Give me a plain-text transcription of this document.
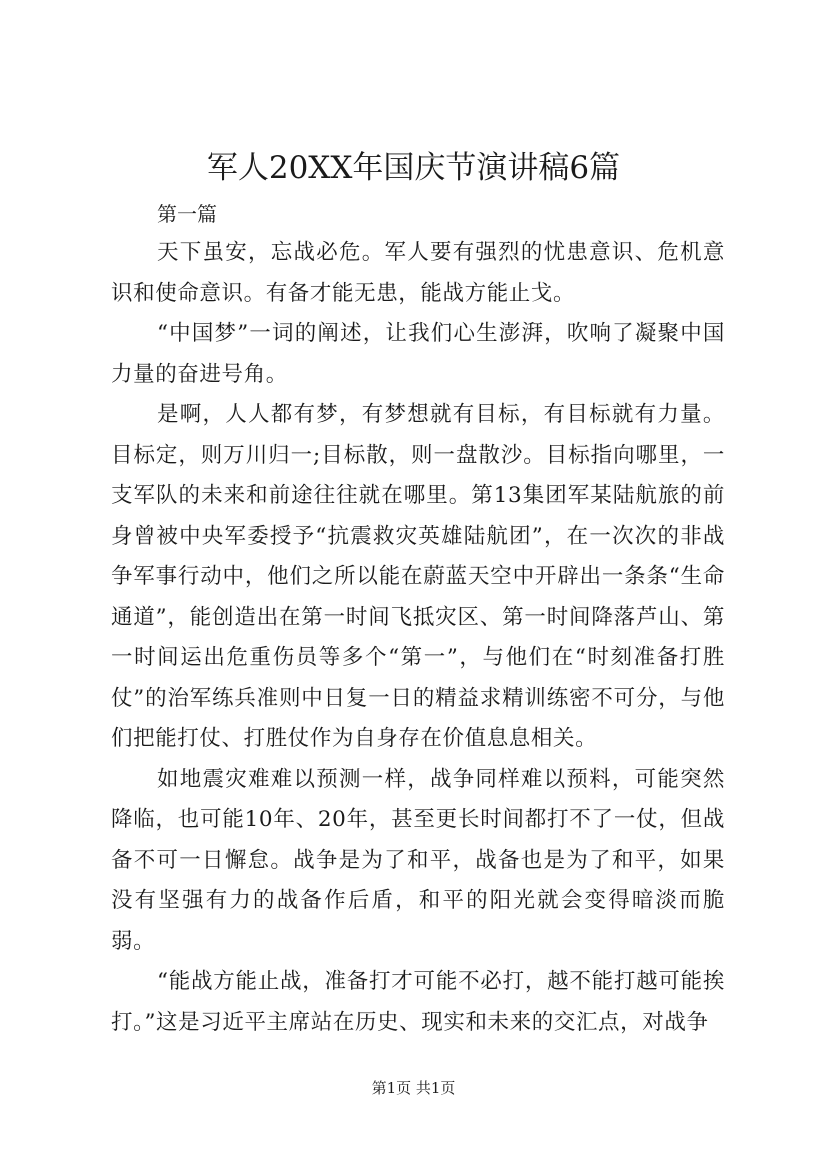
军人20XX年国庆节演讲稿6篇

第一篇

天下虽安，忘战必危。军人要有强烈的忧患意识、危机意识和使命意识。有备才能无患，能战方能止戈。

“中国梦”一词的阐述，让我们心生澎湃，吹响了凝聚中国力量的奋进号角。

是啊，人人都有梦，有梦想就有目标，有目标就有力量。目标定，则万川归一;目标散，则一盘散沙。目标指向哪里，一支军队的未来和前途往往就在哪里。第13集团军某陆航旅的前身曾被中央军委授予“抗震救灾英雄陆航团”，在一次次的非战争军事行动中，他们之所以能在蔚蓝天空中开辟出一条条“生命通道”，能创造出在第一时间飞抵灾区、第一时间降落芦山、第一时间运出危重伤员等多个“第一”，与他们在“时刻准备打胜仗”的治军练兵准则中日复一日的精益求精训练密不可分，与他们把能打仗、打胜仗作为自身存在价值息息相关。

如地震灾难难以预测一样，战争同样难以预料，可能突然降临，也可能10年、20年，甚至更长时间都打不了一仗，但战备不可一日懈怠。战争是为了和平，战备也是为了和平，如果没有坚强有力的战备作后盾，和平的阳光就会变得暗淡而脆弱。

“能战方能止战，准备打才可能不必打，越不能打越可能挨打。”这是习近平主席站在历史、现实和未来的交汇点，对战争

第1页 共1页
